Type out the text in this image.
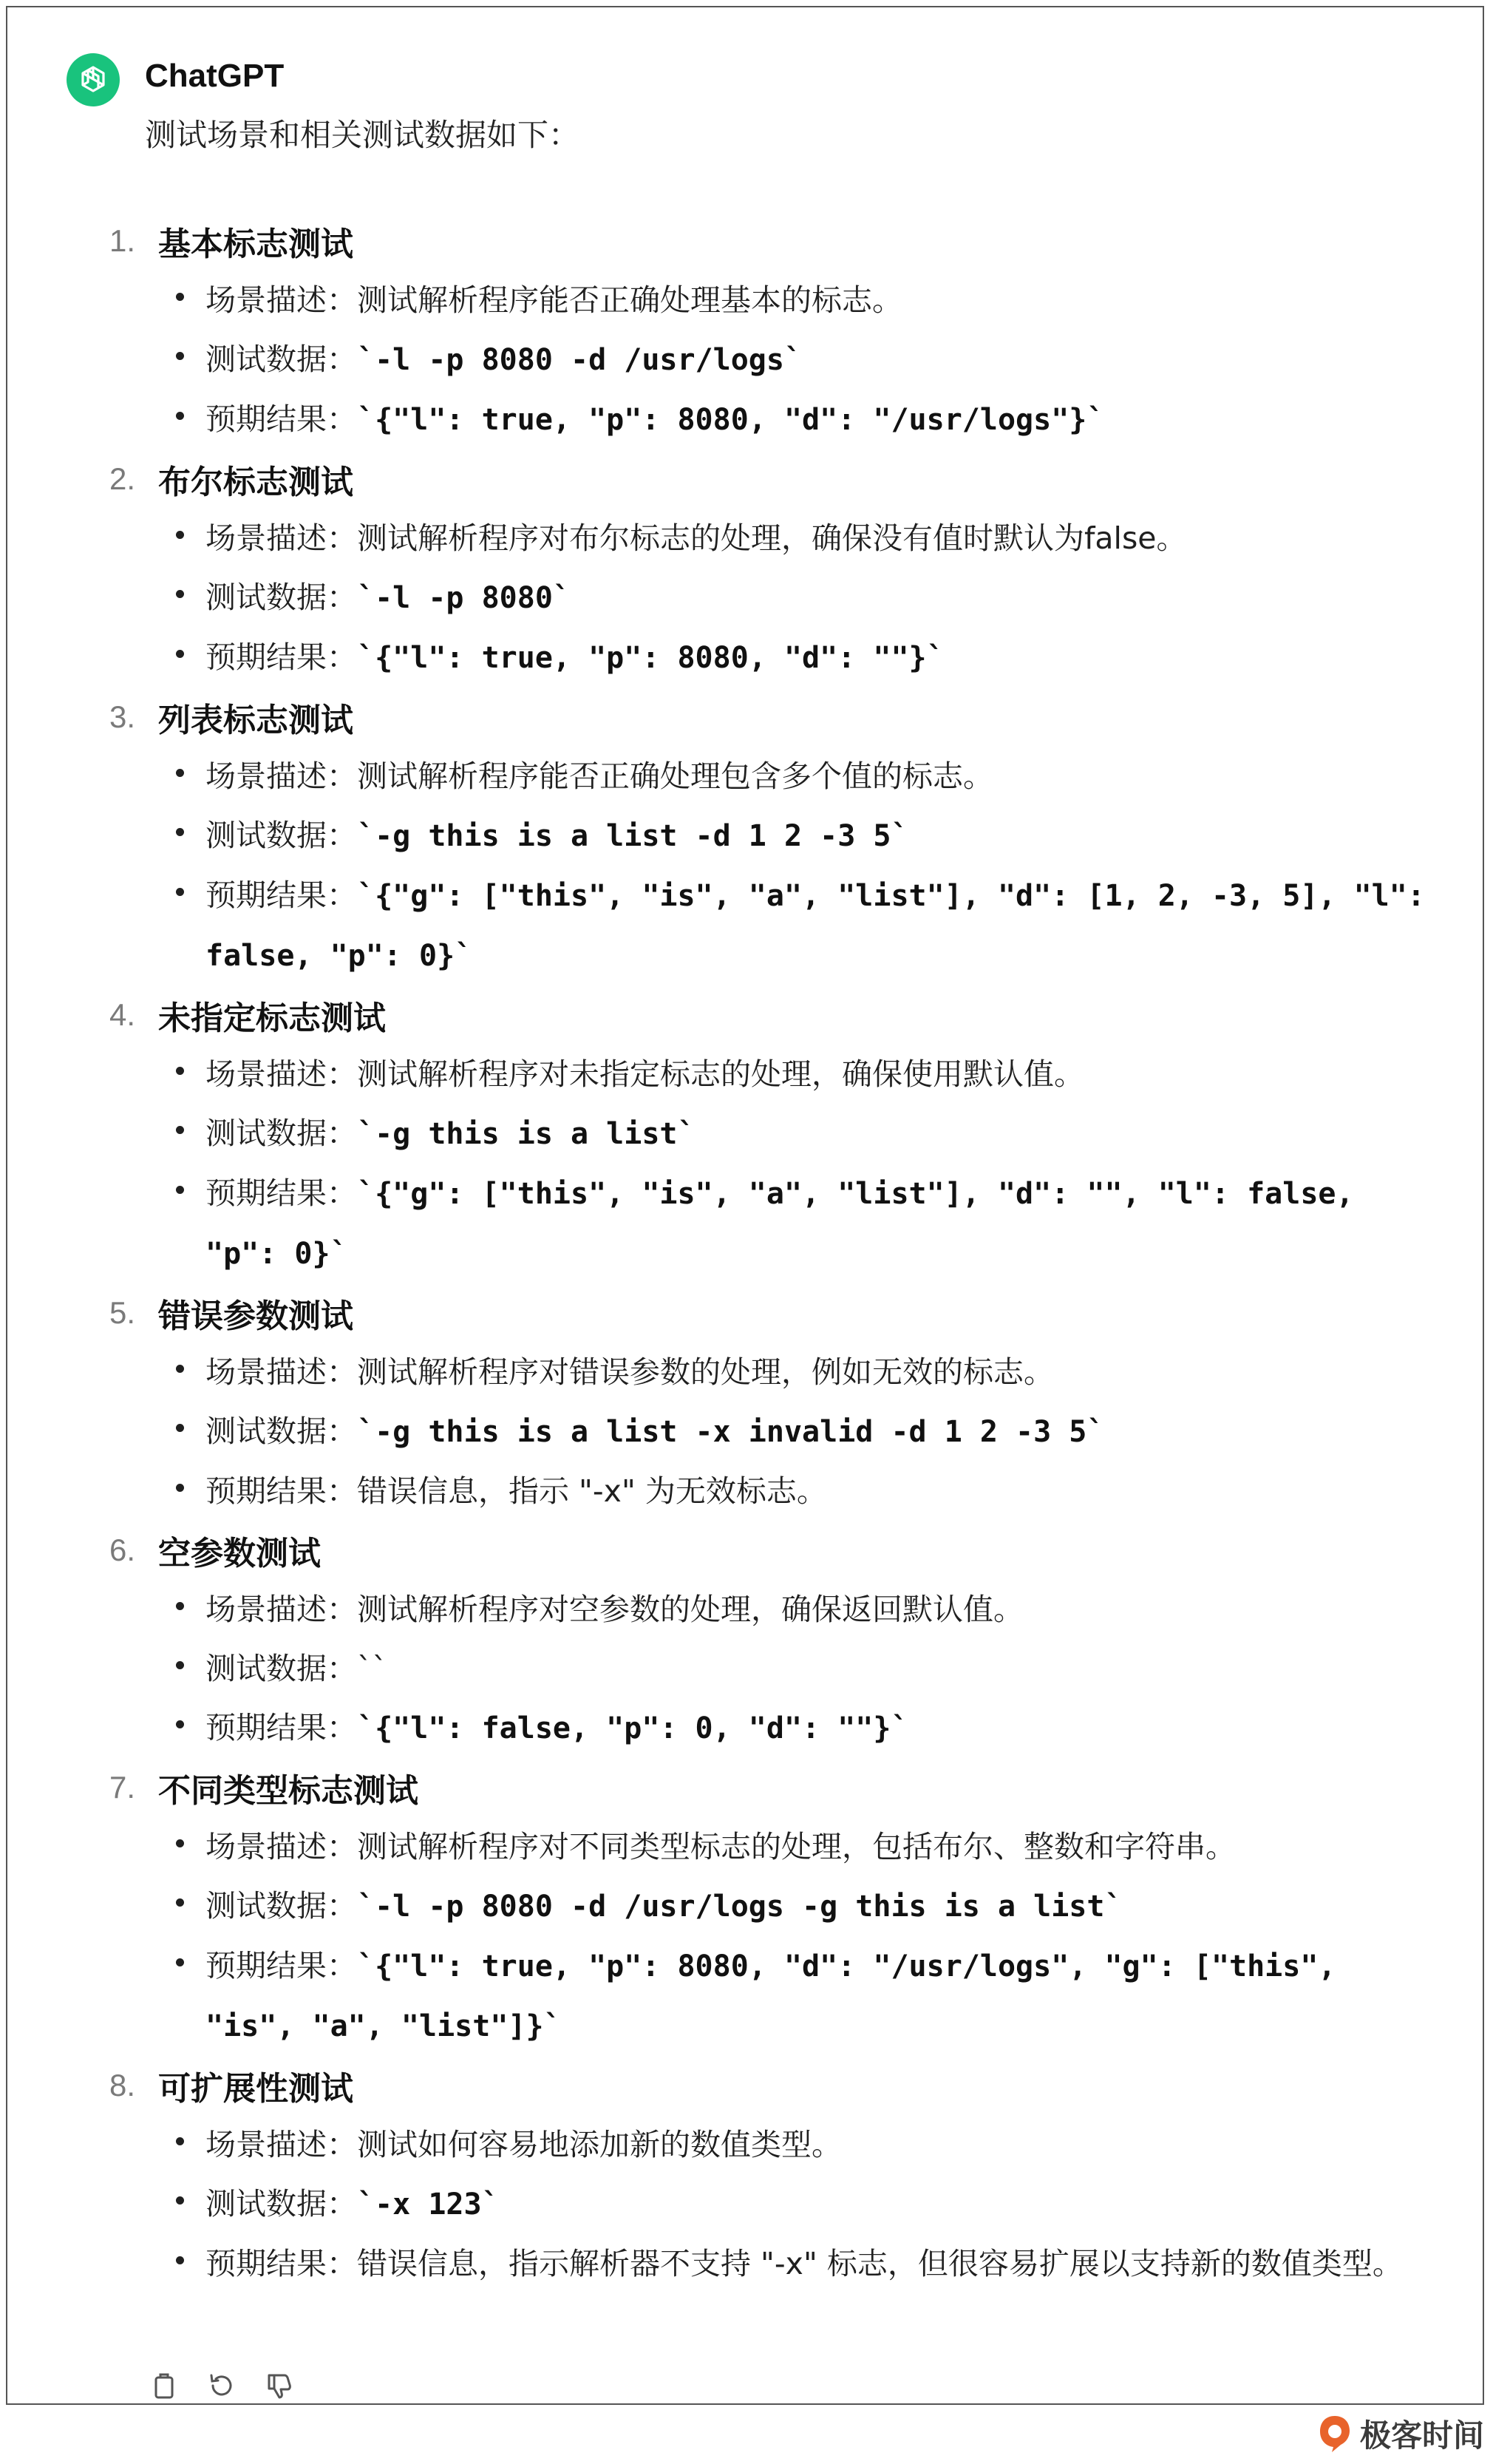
ChatGPT
测试场景和相关测试数据如下：
1. 基本标志测试
场景描述：测试解析程序能否正确处理基本的标志。
测试数据：`-l -p 8080 -d /usr/logs`
预期结果：`{"l": true, "p": 8080, "d": "/usr/logs"}`
2. 布尔标志测试
场景描述：测试解析程序对布尔标志的处理，确保没有值时默认为false。
测试数据：`-l -p 8080`
预期结果：`{"l": true, "p": 8080, "d": ""}`
3. 列表标志测试
场景描述：测试解析程序能否正确处理包含多个值的标志。
测试数据：`-g this is a list -d 1 2 -3 5`
预期结果：`{"g": ["this", "is", "a", "list"], "d": [1, 2, -3, 5], "l": false, "p": 0}`
4. 未指定标志测试
场景描述：测试解析程序对未指定标志的处理，确保使用默认值。
测试数据：`-g this is a list`
预期结果：`{"g": ["this", "is", "a", "list"], "d": "", "l": false, "p": 0}`
5. 错误参数测试
场景描述：测试解析程序对错误参数的处理，例如无效的标志。
测试数据：`-g this is a list -x invalid -d 1 2 -3 5`
预期结果：错误信息，指示 "-x" 为无效标志。
6. 空参数测试
场景描述：测试解析程序对空参数的处理，确保返回默认值。
测试数据：``
预期结果：`{"l": false, "p": 0, "d": ""}`
7. 不同类型标志测试
场景描述：测试解析程序对不同类型标志的处理，包括布尔、整数和字符串。
测试数据：`-l -p 8080 -d /usr/logs -g this is a list`
预期结果：`{"l": true, "p": 8080, "d": "/usr/logs", "g": ["this", "is", "a", "list"]}`
8. 可扩展性测试
场景描述：测试如何容易地添加新的数值类型。
测试数据：`-x 123`
预期结果：错误信息，指示解析器不支持 "-x" 标志，但很容易扩展以支持新的数值类型。
极客时间
